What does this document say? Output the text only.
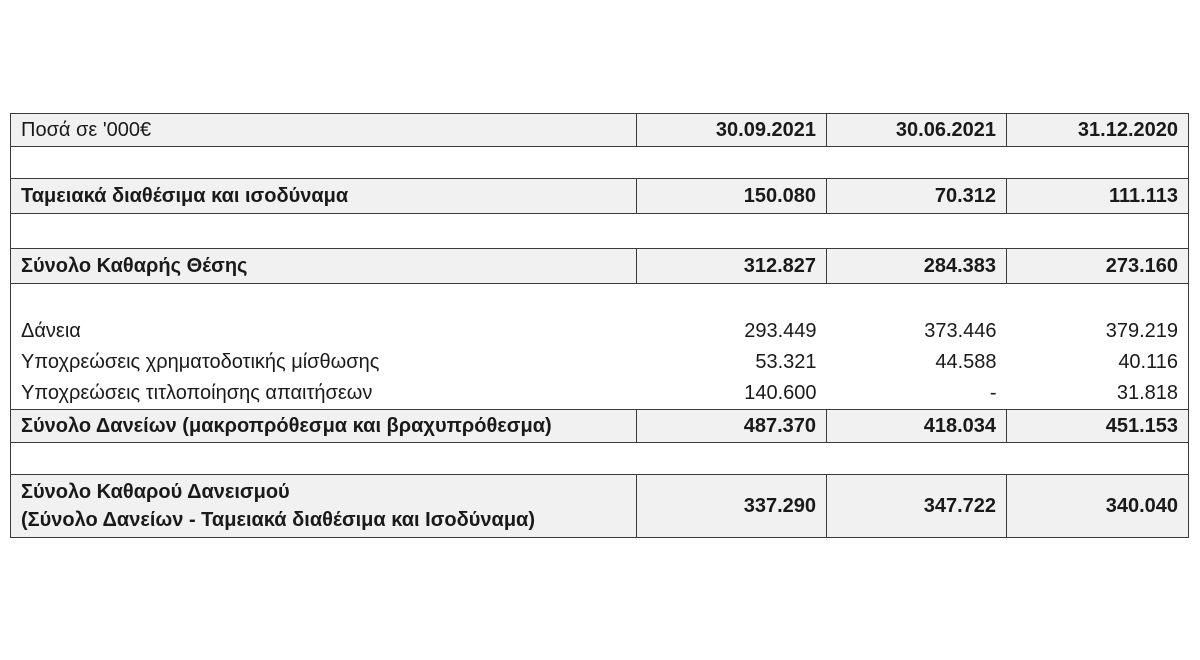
Ποσά σε '000€	30.09.2021	30.06.2021	31.12.2020

Ταμειακά διαθέσιμα και ισοδύναμα	150.080	70.312	111.113

Σύνολο Καθαρής Θέσης	312.827	284.383	273.160

Δάνεια	293.449	373.446	379.219
Υποχρεώσεις χρηματοδοτικής μίσθωσης	53.321	44.588	40.116
Υποχρεώσεις τιτλοποίησης απαιτήσεων	140.600	-	31.818
Σύνολο Δανείων (μακροπρόθεσμα και βραχυπρόθεσμα)	487.370	418.034	451.153

Σύνολο Καθαρού Δανεισμού
(Σύνολο Δανείων - Ταμειακά διαθέσιμα και Ισοδύναμα)	337.290	347.722	340.040
